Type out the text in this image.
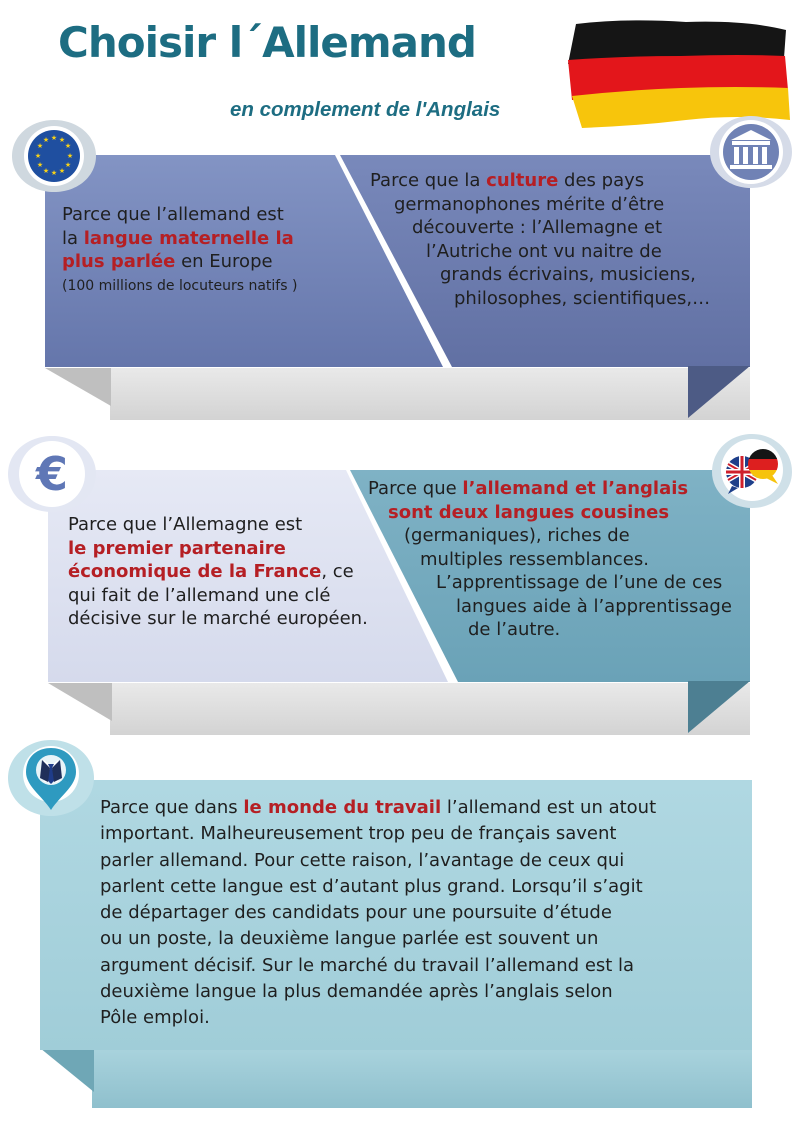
Choisir l´Allemand
en complement de l'Anglais
★ ★
★
★
★
★
★
★
★
★
★
★
Parce que l’allemand est
la langue maternelle la
plus parlée en Europe
(100 millions de locuteurs natifs )
Parce que la culture des pays
germanophones mérite d’être
découverte : l’Allemagne et
l’Autriche ont vu naitre de
grands écrivains, musiciens,
philosophes, scientifiques,…
€
Parce que l’Allemagne est
le premier partenaire
économique de la France, ce
qui fait de l’allemand une clé
décisive sur le marché européen.
Parce que l’allemand et l’anglais
sont deux langues cousines
(germaniques), riches de
multiples ressemblances.
L’apprentissage de l’une de ces
langues aide à l’apprentissage
de l’autre.
Parce que dans le monde du travail l’allemand est un atout
important. Malheureusement trop peu de français savent
parler allemand. Pour cette raison, l’avantage de ceux qui
parlent cette langue est d’autant plus grand. Lorsqu’il s’agit
de départager des candidats pour une poursuite d’étude
ou un poste, la deuxième langue parlée est souvent un
argument décisif. Sur le marché du travail l’allemand est la
deuxième langue la plus demandée après l’anglais selon
Pôle emploi.
